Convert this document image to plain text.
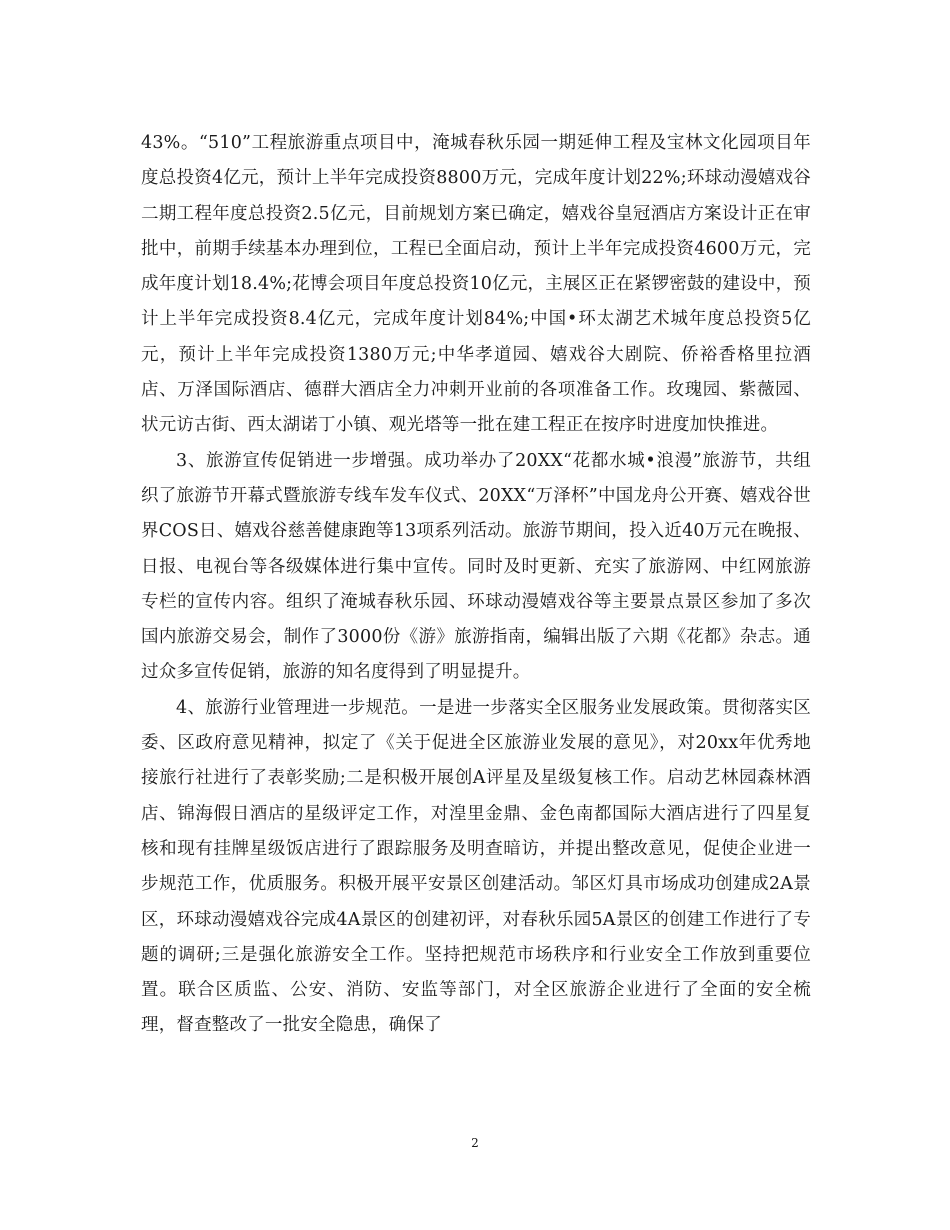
43%。“510”工程旅游重点项目中，淹城春秋乐园一期延伸工程及宝林文化园项目年度总投资4亿元，预计上半年完成投资8800万元，完成年度计划22%;环球动漫嬉戏谷二期工程年度总投资2.5亿元，目前规划方案已确定，嬉戏谷皇冠酒店方案设计正在审批中，前期手续基本办理到位，工程已全面启动，预计上半年完成投资4600万元，完成年度计划18.4%;花博会项目年度总投资10亿元，主展区正在紧锣密鼓的建设中，预计上半年完成投资8.4亿元，完成年度计划84%;中国•环太湖艺术城年度总投资5亿元，预计上半年完成投资1380万元;中华孝道园、嬉戏谷大剧院、侨裕香格里拉酒店、万泽国际酒店、德群大酒店全力冲刺开业前的各项准备工作。玫瑰园、紫薇园、状元访古街、西太湖诺丁小镇、观光塔等一批在建工程正在按序时进度加快推进。

3、旅游宣传促销进一步增强。成功举办了20XX“花都水城•浪漫”旅游节，共组织了旅游节开幕式暨旅游专线车发车仪式、20XX“万泽杯”中国龙舟公开赛、嬉戏谷世界COS日、嬉戏谷慈善健康跑等13项系列活动。旅游节期间，投入近40万元在晚报、日报、电视台等各级媒体进行集中宣传。同时及时更新、充实了旅游网、中红网旅游专栏的宣传内容。组织了淹城春秋乐园、环球动漫嬉戏谷等主要景点景区参加了多次国内旅游交易会，制作了3000份《游》旅游指南，编辑出版了六期《花都》杂志。通过众多宣传促销，旅游的知名度得到了明显提升。

4、旅游行业管理进一步规范。一是进一步落实全区服务业发展政策。贯彻落实区委、区政府意见精神，拟定了《关于促进全区旅游业发展的意见》，对20xx年优秀地接旅行社进行了表彰奖励;二是积极开展创A评星及星级复核工作。启动艺林园森林酒店、锦海假日酒店的星级评定工作，对湟里金鼎、金色南都国际大酒店进行了四星复核和现有挂牌星级饭店进行了跟踪服务及明查暗访，并提出整改意见，促使企业进一步规范工作，优质服务。积极开展平安景区创建活动。邹区灯具市场成功创建成2A景区，环球动漫嬉戏谷完成4A景区的创建初评，对春秋乐园5A景区的创建工作进行了专题的调研;三是强化旅游安全工作。坚持把规范市场秩序和行业安全工作放到重要位置。联合区质监、公安、消防、安监等部门，对全区旅游企业进行了全面的安全梳理，督查整改了一批安全隐患，确保了

2
